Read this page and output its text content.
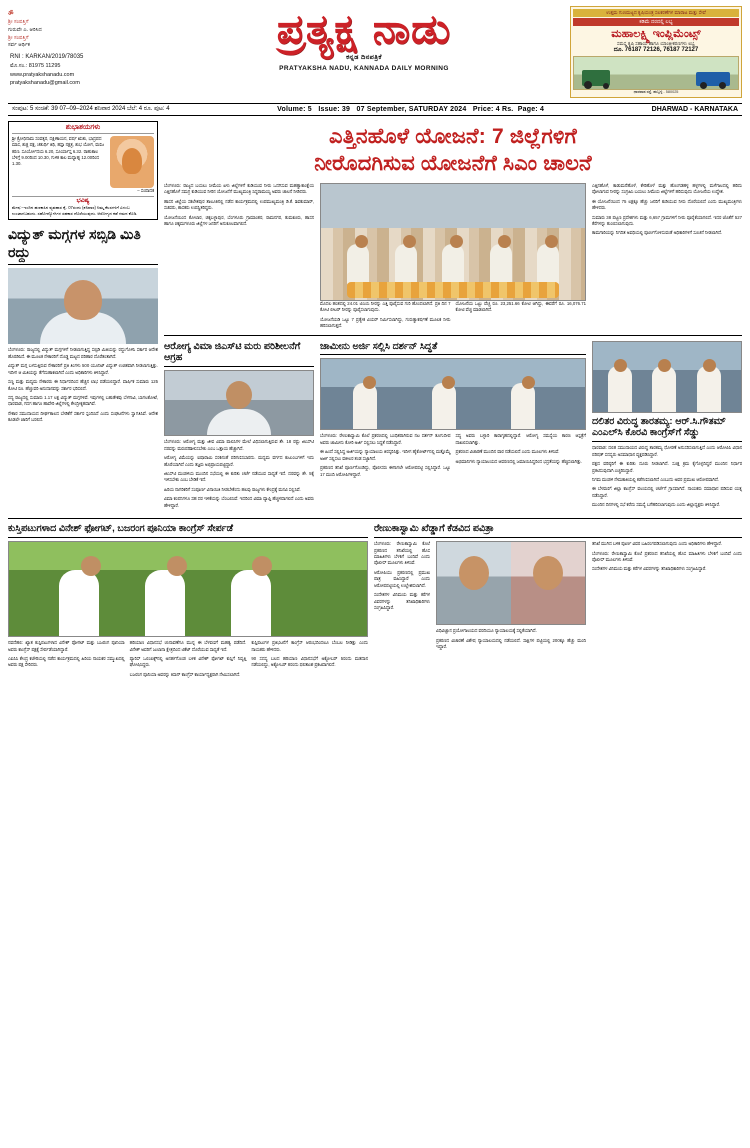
ॐ
ಶ್ರೀ ಸಂಪತ್ತಿಗೆ
ಗುರುವೇ ಎ. ಆರಿಸಿದ
ಶ್ರೀ ಸಂಪತ್ತಿಗೆ
ಸರ್ವ ಆರ್ಥಿಕ
RNI : KARKAN/2019/78035
ಮೊ.ಸಂ.: 81975 11295
www.pratyakshanadu.com
pratyakshanadu@gmail.com
ಪ್ರತ್ಯಕ್ಷ ನಾಡು
ಕನ್ನಡ ದಿನಪತ್ರಿಕೆ
PRATYAKSHA NADU, KANNADA DAILY MORNING
ಉತ್ತಮ ಗುಣಮಟ್ಟದ ಕೃಷಿಯಂತ್ರ ಸಲಕರಣೆಗಳ ಮಾರಾಟ ಮತ್ತು ಸೇವೆ
ಕಡಿಮೆ ದರದಲ್ಲಿ ಲಭ್ಯ
ಮಹಾಲಕ್ಷ್ಮಿ ಇಂಪ್ಲಿಮೆಂಟ್ಸ್
ಸಮಸ್ತ ಕೃಷಿ ಸಹಾಯ ಹಾಗೂ ಯಾಂತ್ರೀಕರಣಗಳು ಲಭ್ಯ
ದೂ. 76187 72126, 76187 72127
ಧಾರವಾಡ ರಸ್ತೆ, ಹುಬ್ಬಳ್ಳಿ - 580025
ಸಂಪುಟ: 5 ಸಂಚಿಕೆ: 39 07–09–2024 ಶನಿವಾರ 2024 ಬೆಲೆ: 4 ರೂ. ಪುಟ: 4	Volume: 5 Issue: 39 07 September, SATURDAY 2024 Price: 4 Rs. Page: 4	DHARWAD - KARNATAKA
ಶುಭಾಶಯಗಳು
ಶ್ರೀ ಕ್ರೋಧಿನಾಮ ಸಂವತ್ಸರ, ದಕ್ಷಿಣಾಯನ, ವರ್ಷ ಋತು, ಭಾದ್ರಪದ ಮಾಸ, ಶುಕ್ಲ ಪಕ್ಷ, ಚತುರ್ಥಿ ತಿಥಿ, ಹಸ್ತಾ ನಕ್ಷತ್ರ, ಶುಭ ಯೋಗ, ವಣಿಜ ಕರಣ. ಸೂರ್ಯೋದಯ 6.20, ಸೂರ್ಯಾಸ್ತ 6.32. ರಾಹುಕಾಲ ಬೆಳಿಗ್ಗೆ 9.00ರಿಂದ 10.30, ಗುಳಿಕ ಕಾಲ ಮಧ್ಯಾಹ್ನ 12.00ರಿಂದ 1.30.
– ಸಂಪಾದಕ
ಭವಿಷ್ಯ
ಮೇಷ:–ಇಂದಿನ ಹಣಕಾಸಿನ ವ್ಯವಹಾರ ಕೈ. 07ರಂದು (ಶನಿವಾರ) ನಿಮ್ಮ ಕೆಲಸಗಳಿಗೆ ವಿಳಂಬ ಉಂಟಾಗಬಹುದು. ಸಹೋದ್ಯೋಗಿಗಳ ಸಹಕಾರ ದೊರೆಯುವುದು. ಆರೋಗ್ಯದ ಕಡೆ ಗಮನ ಕೊಡಿ.
ವಿದ್ಯುತ್ ಮಗ್ಗಗಳ ಸಬ್ಸಿಡಿ ಮಿತಿ ರದ್ದು

ಬೆಂಗಳೂರು: ರಾಜ್ಯದಲ್ಲಿ ವಿದ್ಯುತ್ ಮಗ್ಗಗಳಿಗೆ ನೀಡಲಾಗುತ್ತಿದ್ದ ಸಬ್ಸಿಡಿ ಮಿತಿಯನ್ನು ರದ್ದುಗೊಳಿಸಿ ಸರ್ಕಾರ ಆದೇಶ ಹೊರಡಿಸಿದೆ. ಈ ಮೂಲಕ ನೇಕಾರರಿಗೆ ದೊಡ್ಡ ಮಟ್ಟದ ಪರಿಹಾರ ದೊರೆತಂತಾಗಿದೆ.

ವಿದ್ಯುತ್ ಮಗ್ಗ ಬಳಸುತ್ತಿರುವ ನೇಕಾರರಿಗೆ ಪ್ರತಿ ತಿಂಗಳು 500 ಯೂನಿಟ್ ವಿದ್ಯುತ್ ಉಚಿತವಾಗಿ ನೀಡಲಾಗುತ್ತಿತ್ತು. ಇದೀಗ ಆ ಮಿತಿಯನ್ನು ತೆಗೆದುಹಾಕಲಾಗಿದೆ ಎಂದು ಅಧಿಕಾರಿಗಳು ತಿಳಿಸಿದ್ದಾರೆ.

ಸಣ್ಣ ಮತ್ತು ಮಧ್ಯಮ ನೇಕಾರರು ಈ ನಿರ್ಧಾರದಿಂದ ಹೆಚ್ಚಿನ ಲಾಭ ಪಡೆಯಲಿದ್ದಾರೆ. ವಾರ್ಷಿಕ ಸುಮಾರು 125 ಕೋಟಿ ರೂ. ಹೆಚ್ಚುವರಿ ಅನುದಾನವನ್ನು ಸರ್ಕಾರ ಭರಿಸಲಿದೆ.

ಸದ್ಯ ರಾಜ್ಯದಲ್ಲಿ ಸುಮಾರು 1.17 ಲಕ್ಷ ವಿದ್ಯುತ್ ಮಗ್ಗಗಳಿವೆ. ಇವುಗಳಲ್ಲಿ ಬಹುತೇಕವು ಬೆಳಗಾವಿ, ಬಾಗಲಕೋಟೆ, ಧಾರವಾಡ, ಗದಗ ಹಾಗೂ ಹಾವೇರಿ ಜಿಲ್ಲೆಗಳಲ್ಲಿ ಕೇಂದ್ರೀಕೃತವಾಗಿವೆ.

ನೇಕಾರ ಸಮುದಾಯದ ದೀರ್ಘಕಾಲದ ಬೇಡಿಕೆಗೆ ಸರ್ಕಾರ ಸ್ಪಂದಿಸಿದೆ ಎಂದು ಸಂಘಟನೆಗಳು ಸ್ವಾಗತಿಸಿವೆ. ಆದೇಶ ಕೂಡಲೇ ಜಾರಿಗೆ ಬರಲಿದೆ.

ಎತ್ತಿನಹೊಳೆ ಯೋಜನೆ: 7 ಜಿಲ್ಲೆಗಳಿಗೆ
ನೀರೊದಗಿಸುವ ಯೋಜನೆಗೆ ಸಿಎಂ ಚಾಲನೆ

ಬೆಂಗಳೂರು: ರಾಜ್ಯದ ಬಯಲು ಸೀಮೆಯ ಏಳು ಜಿಲ್ಲೆಗಳಿಗೆ ಕುಡಿಯುವ ನೀರು ಒದಗಿಸುವ ಮಹತ್ವಾಕಾಂಕ್ಷೆಯ ಎತ್ತಿನಹೊಳೆ ಸಮಗ್ರ ಕುಡಿಯುವ ನೀರಿನ ಯೋಜನೆಗೆ ಮುಖ್ಯಮಂತ್ರಿ ಸಿದ್ದರಾಮಯ್ಯ ಅವರು ಚಾಲನೆ ನೀಡಿದರು.

ಹಾಸನ ಜಿಲ್ಲೆಯ ಸಕಲೇಶಪುರ ತಾಲೂಕಿನಲ್ಲಿ ನಡೆದ ಕಾರ್ಯಕ್ರಮದಲ್ಲಿ ಉಪಮುಖ್ಯಮಂತ್ರಿ ಡಿ.ಕೆ. ಶಿವಕುಮಾರ್, ಸಚಿವರು, ಶಾಸಕರು ಉಪಸ್ಥಿತರಿದ್ದರು.

ಯೋಜನೆಯಿಂದ ಕೋಲಾರ, ಚಿಕ್ಕಬಳ್ಳಾಪುರ, ಬೆಂಗಳೂರು ಗ್ರಾಮಾಂತರ, ರಾಮನಗರ, ತುಮಕೂರು, ಹಾಸನ ಹಾಗೂ ಚಿಕ್ಕಮಗಳೂರು ಜಿಲ್ಲೆಗಳ ಜನರಿಗೆ ಅನುಕೂಲವಾಗಲಿದೆ.

ಮೊದಲ ಹಂತದಲ್ಲಿ 24.01 ಟಿಎಂಸಿ ನೀರನ್ನು ಎತ್ತಿ ಪೂರೈಸುವ ಗುರಿ ಹೊಂದಲಾಗಿದೆ. ಪ್ರತಿ ದಿನ 7 ಕೋಟಿ ಲೀಟರ್ ನೀರನ್ನು ಪೂರೈಸಲಾಗುವುದು.

ಯೋಜನೆಯಡಿ ಒಟ್ಟು 7 ಪ್ರತ್ಯೇಕ ವಿಯರ್ ನಿರ್ಮಿಸಲಾಗಿದ್ದು, ಗುರುತ್ವಾಕರ್ಷಣೆ ಮೂಲಕ ನೀರು ಹರಿಸಲಾಗುತ್ತದೆ.

ಯೋಜನೆಯ ಒಟ್ಟು ವೆಚ್ಚ ರೂ. 23,251.66 ಕೋಟಿ ಆಗಿದ್ದು, ಈವರೆಗೆ ರೂ. 16,076.71 ಕೋಟಿ ವೆಚ್ಚ ಮಾಡಲಾಗಿದೆ.

ಎತ್ತಿನಹೊಳೆ, ಕಾಡುಮನೆಹೊಳೆ, ಕೇರಿಹೊಳೆ ಮತ್ತು ಹೊಂಗಡಹಳ್ಳ ಹಳ್ಳಗಳಲ್ಲಿ ಮಳೆಗಾಲದಲ್ಲಿ ಹರಿದು ಪೋಲಾಗುವ ನೀರನ್ನು ಸಂಗ್ರಹಿಸಿ ಬಯಲು ಸೀಮೆಯ ಜಿಲ್ಲೆಗಳಿಗೆ ಹರಿಸುವುದು ಯೋಜನೆಯ ಉದ್ದೇಶ.

ಈ ಯೋಜನೆಯಿಂದ 75 ಲಕ್ಷಕ್ಕೂ ಹೆಚ್ಚು ಜನರಿಗೆ ಕುಡಿಯುವ ನೀರು ದೊರೆಯಲಿದೆ ಎಂದು ಮುಖ್ಯಮಂತ್ರಿಗಳು ಹೇಳಿದರು.

ಸುಮಾರು 38 ಪಟ್ಟಣ ಪ್ರದೇಶಗಳು ಮತ್ತು 6,657 ಗ್ರಾಮಗಳಿಗೆ ನೀರು ಪೂರೈಕೆಯಾಗಲಿದೆ. ಇದರ ಜೊತೆಗೆ 527 ಕೆರೆಗಳನ್ನು ತುಂಬಿಸಲಾಗುವುದು.

ಕಾಮಗಾರಿಯನ್ನು ನಿಗದಿತ ಅವಧಿಯಲ್ಲಿ ಪೂರ್ಣಗೊಳಿಸುವಂತೆ ಅಧಿಕಾರಿಗಳಿಗೆ ಸೂಚನೆ ನೀಡಲಾಗಿದೆ.

ಆರೋಗ್ಯ ವಿಮಾ ಜಿಎಸ್‌ಟಿ ಮರು ಪರಿಶೀಲನೆಗೆ ಆಗ್ರಹ

ಬೆಂಗಳೂರು: ಆರೋಗ್ಯ ಮತ್ತು ಜೀವ ವಿಮಾ ಪಾಲಿಸಿಗಳ ಮೇಲೆ ವಿಧಿಸಲಾಗುತ್ತಿರುವ ಶೇ. 18 ರಷ್ಟು ಜಿಎಸ್‌ಟಿ ದರವನ್ನು ಮರುಪರಿಶೀಲಿಸಬೇಕು ಎಂಬ ಒತ್ತಾಯ ಹೆಚ್ಚಾಗಿದೆ.

ಆರೋಗ್ಯ ವಿಮೆಯನ್ನು ಐಷಾರಾಮಿ ಸರಕಿನಂತೆ ಪರಿಗಣಿಸಬಾರದು. ಮಧ್ಯಮ ವರ್ಗದ ಕುಟುಂಬಗಳಿಗೆ ಇದು ಹೊರೆಯಾಗಿದೆ ಎಂದು ತಜ್ಞರು ಅಭಿಪ್ರಾಯಪಟ್ಟಿದ್ದಾರೆ.

ಜಿಎಸ್‌ಟಿ ಮಂಡಳಿಯ ಮುಂದಿನ ಸಭೆಯಲ್ಲಿ ಈ ಕುರಿತು ಚರ್ಚೆ ನಡೆಯುವ ಸಾಧ್ಯತೆ ಇದೆ. ದರವನ್ನು ಶೇ. 5ಕ್ಕೆ ಇಳಿಸಬೇಕು ಎಂಬ ಬೇಡಿಕೆ ಇದೆ.

ಹಿರಿಯ ನಾಗರಿಕರಿಗೆ ಸಂಪೂರ್ಣ ವಿನಾಯಿತಿ ನೀಡಬೇಕೆಂದು ಹಲವು ರಾಜ್ಯಗಳು ಕೇಂದ್ರಕ್ಕೆ ಮನವಿ ಸಲ್ಲಿಸಿವೆ.

ವಿಮಾ ಕಂಪನಿಗಳೂ ಸಹ ದರ ಇಳಿಕೆಯನ್ನು ಬೆಂಬಲಿಸಿವೆ. ಇದರಿಂದ ವಿಮಾ ವ್ಯಾಪ್ತಿ ಹೆಚ್ಚಳವಾಗಲಿದೆ ಎಂದು ಅವರು ಹೇಳಿದ್ದಾರೆ.

ಜಾಮೀನು ಅರ್ಜಿ ಸಲ್ಲಿಸಿ ದರ್ಶನ್ ಸಿದ್ಧತೆ

ಬೆಂಗಳೂರು: ರೇಣುಕಾಸ್ವಾಮಿ ಕೊಲೆ ಪ್ರಕರಣದಲ್ಲಿ ಬಂಧಿತರಾಗಿರುವ ನಟ ದರ್ಶನ್ ತೂಗುದೀಪ ಅವರು ಜಾಮೀನು ಕೋರಿ ಅರ್ಜಿ ಸಲ್ಲಿಸಲು ಸಿದ್ಧತೆ ನಡೆಸಿದ್ದಾರೆ.

ಈ ಹಿಂದೆ ಸಲ್ಲಿಸಿದ್ದ ಅರ್ಜಿಯನ್ನು ನ್ಯಾಯಾಲಯ ತಿರಸ್ಕರಿಸಿತ್ತು. ಇದೀಗ ಹೈಕೋರ್ಟ್‌ನಲ್ಲಿ ಮತ್ತೊಮ್ಮೆ ಅರ್ಜಿ ಸಲ್ಲಿಸಲು ವಕೀಲರ ತಂಡ ಸಜ್ಜಾಗಿದೆ.

ಪ್ರಕರಣದ ತನಿಖೆ ಪೂರ್ಣಗೊಂಡಿದ್ದು, ಪೊಲೀಸರು ಈಗಾಗಲೇ ಆರೋಪಪಟ್ಟಿ ಸಲ್ಲಿಸಿದ್ದಾರೆ. ಒಟ್ಟು 17 ಮಂದಿ ಆರೋಪಿಗಳಿದ್ದಾರೆ.

ಸದ್ಯ ಅವರು ಬಳ್ಳಾರಿ ಕಾರಾಗೃಹದಲ್ಲಿದ್ದಾರೆ. ಆರೋಗ್ಯ ಸಮಸ್ಯೆಯ ಕಾರಣ ಆಸ್ಪತ್ರೆಗೆ ದಾಖಲಿಸಲಾಗಿತ್ತು.

ಪ್ರಕರಣದ ವಿಚಾರಣೆ ಮುಂದಿನ ವಾರ ನಡೆಯಲಿದೆ ಎಂದು ಮೂಲಗಳು ತಿಳಿಸಿವೆ.

ಅಭಿಮಾನಿಗಳು ನ್ಯಾಯಾಲಯದ ಆವರಣದಲ್ಲಿ ಜಮಾಯಿಸಿದ್ದರಿಂದ ಭದ್ರತೆಯನ್ನು ಹೆಚ್ಚಿಸಲಾಗಿತ್ತು.

ದಲಿತರ ವಿರುದ್ಧ ತಾರತಮ್ಯ: ಆರ್.ಸಿ.ಗೌತಮ್ ಎಂಎಲ್‌ಸಿ ಕೊರವಿ ಕಾಂಗ್ರೆಸ್‌ಗೆ ಸೆಡ್ಡು

ಧಾರವಾಡ: ದಲಿತ ಸಮುದಾಯದ ವಿರುದ್ಧ ತಾರತಮ್ಯ ಧೋರಣೆ ಅನುಸರಿಸಲಾಗುತ್ತಿದೆ ಎಂದು ಆರೋಪಿಸಿ ವಿಧಾನ ಪರಿಷತ್ ಸದಸ್ಯರು ಅಸಮಾಧಾನ ವ್ಯಕ್ತಪಡಿಸಿದ್ದಾರೆ.

ಪಕ್ಷದ ವರಿಷ್ಠರಿಗೆ ಈ ಕುರಿತು ದೂರು ನೀಡಲಾಗಿದೆ. ಸೂಕ್ತ ಕ್ರಮ ಕೈಗೊಳ್ಳದಿದ್ದರೆ ಮುಂದಿನ ನಿರ್ಧಾರ ಪ್ರಕಟಿಸುವುದಾಗಿ ಎಚ್ಚರಿಸಿದ್ದಾರೆ.

ನಿಗಮ ಮಂಡಳಿ ನೇಮಕಾತಿಯಲ್ಲಿ ಕಡೆಗಣಿಸಲಾಗಿದೆ ಎಂಬುದು ಅವರ ಪ್ರಮುಖ ಆರೋಪವಾಗಿದೆ.

ಈ ಬೆಳವಣಿಗೆ ಜಿಲ್ಲಾ ಕಾಂಗ್ರೆಸ್ ವಲಯದಲ್ಲಿ ಚರ್ಚೆಗೆ ಗ್ರಾಸವಾಗಿದೆ. ನಾಯಕರು ಸಮಾಧಾನ ಪಡಿಸುವ ಯತ್ನ ನಡೆಸಿದ್ದಾರೆ.

ಮುಂದಿನ ದಿನಗಳಲ್ಲಿ ಸಭೆ ಕರೆದು ಸಮಸ್ಯೆ ಬಗೆಹರಿಸಲಾಗುವುದು ಎಂದು ಜಿಲ್ಲಾಧ್ಯಕ್ಷರು ತಿಳಿಸಿದ್ದಾರೆ.

ಕುಸ್ತಿಪಟುಗಳಾದ ವಿನೇಶ್ ಫೋಗಟ್, ಬಜರಂಗ ಪೂನಿಯಾ ಕಾಂಗ್ರೆಸ್ ಸೇರ್ಪಡೆ

ನವದೆಹಲಿ: ಖ್ಯಾತ ಕುಸ್ತಿಪಟುಗಳಾದ ವಿನೇಶ್ ಫೋಗಟ್ ಮತ್ತು ಬಜರಂಗ ಪೂನಿಯಾ ಅವರು ಕಾಂಗ್ರೆಸ್ ಪಕ್ಷಕ್ಕೆ ಸೇರ್ಪಡೆಯಾಗಿದ್ದಾರೆ.

ಎಐಸಿಸಿ ಕೇಂದ್ರ ಕಚೇರಿಯಲ್ಲಿ ನಡೆದ ಕಾರ್ಯಕ್ರಮದಲ್ಲಿ ಹಿರಿಯ ನಾಯಕರ ಸಮ್ಮುಖದಲ್ಲಿ ಅವರು ಪಕ್ಷ ಸೇರಿದರು.

ಹರಿಯಾಣ ವಿಧಾನಸಭೆ ಚುನಾವಣೆಗೂ ಮುನ್ನ ಈ ಬೆಳವಣಿಗೆ ಮಹತ್ವ ಪಡೆದಿದೆ. ವಿನೇಶ್ ಅವರಿಗೆ ಜುಲಾನಾ ಕ್ಷೇತ್ರದಿಂದ ಟಿಕೆಟ್ ದೊರೆಯುವ ಸಾಧ್ಯತೆ ಇದೆ.

ಪ್ಯಾರಿಸ್ ಒಲಿಂಪಿಕ್ಸ್‌ನಲ್ಲಿ ಅನರ್ಹಗೊಂಡ ಬಳಿಕ ವಿನೇಶ್ ಫೋಗಟ್ ಕುಸ್ತಿಗೆ ನಿವೃತ್ತಿ ಘೋಷಿಸಿದ್ದರು.

ಬಜರಂಗ ಪೂನಿಯಾ ಅವರನ್ನು ಕಿಸಾನ್ ಕಾಂಗ್ರೆಸ್ ಕಾರ್ಯಾಧ್ಯಕ್ಷರಾಗಿ ನೇಮಿಸಲಾಗಿದೆ.

ಕುಸ್ತಿಪಟುಗಳ ಪ್ರತಿಭಟನೆಗೆ ಕಾಂಗ್ರೆಸ್ ಆರಂಭದಿಂದಲೂ ಬೆಂಬಲ ನೀಡಿತ್ತು ಎಂದು ನಾಯಕರು ಹೇಳಿದರು.

90 ಸದಸ್ಯ ಬಲದ ಹರಿಯಾಣ ವಿಧಾನಸಭೆಗೆ ಅಕ್ಟೋಬರ್ 5ರಂದು ಮತದಾನ ನಡೆಯಲಿದ್ದು, ಅಕ್ಟೋಬರ್ 8ರಂದು ಫಲಿತಾಂಶ ಪ್ರಕಟವಾಗಲಿದೆ.

ರೇಣುಕಾಸ್ವಾಮಿ ಖೆಡ್ಡಾಗೆ ಕೆಡವಿದ ಪವಿತ್ರಾ

ಬೆಂಗಳೂರು: ರೇಣುಕಾಸ್ವಾಮಿ ಕೊಲೆ ಪ್ರಕರಣದ ತನಿಖೆಯಲ್ಲಿ ಹೊಸ ಮಾಹಿತಿಗಳು ಬೆಳಕಿಗೆ ಬಂದಿವೆ ಎಂದು ಪೊಲೀಸ್ ಮೂಲಗಳು ತಿಳಿಸಿವೆ.

ಆರೋಪಿಯು ಪ್ರಕರಣದಲ್ಲಿ ಪ್ರಮುಖ ಪಾತ್ರ ವಹಿಸಿದ್ದಾರೆ ಎಂದು ಆರೋಪಪಟ್ಟಿಯಲ್ಲಿ ಉಲ್ಲೇಖಿಸಲಾಗಿದೆ.

ಸಂದೇಶಗಳ ವಿನಿಮಯ ಮತ್ತು ಕರೆಗಳ ವಿವರಗಳನ್ನು ತನಿಖಾಧಿಕಾರಿಗಳು ಸಂಗ್ರಹಿಸಿದ್ದಾರೆ.

ವಿಧಿವಿಜ್ಞಾನ ಪ್ರಯೋಗಾಲಯದ ವರದಿಯೂ ನ್ಯಾಯಾಲಯಕ್ಕೆ ಸಲ್ಲಿಕೆಯಾಗಿದೆ.

ಪ್ರಕರಣದ ವಿಚಾರಣೆ ವಿಶೇಷ ನ್ಯಾಯಾಲಯದಲ್ಲಿ ನಡೆಯಲಿದೆ. ಸಾಕ್ಷಿಗಳ ಪಟ್ಟಿಯಲ್ಲಿ 200ಕ್ಕೂ ಹೆಚ್ಚು ಮಂದಿ ಇದ್ದಾರೆ.

ತನಿಖೆ ಮುಗಿದ ಬಳಿಕ ಪೂರ್ಣ ವಿವರ ಬಹಿರಂಗಪಡಿಸಲಾಗುವುದು ಎಂದು ಅಧಿಕಾರಿಗಳು ಹೇಳಿದ್ದಾರೆ.

ಬೆಂಗಳೂರು: ರೇಣುಕಾಸ್ವಾಮಿ ಕೊಲೆ ಪ್ರಕರಣದ ತನಿಖೆಯಲ್ಲಿ ಹೊಸ ಮಾಹಿತಿಗಳು ಬೆಳಕಿಗೆ ಬಂದಿವೆ ಎಂದು ಪೊಲೀಸ್ ಮೂಲಗಳು ತಿಳಿಸಿವೆ.

ಸಂದೇಶಗಳ ವಿನಿಮಯ ಮತ್ತು ಕರೆಗಳ ವಿವರಗಳನ್ನು ತನಿಖಾಧಿಕಾರಿಗಳು ಸಂಗ್ರಹಿಸಿದ್ದಾರೆ.
